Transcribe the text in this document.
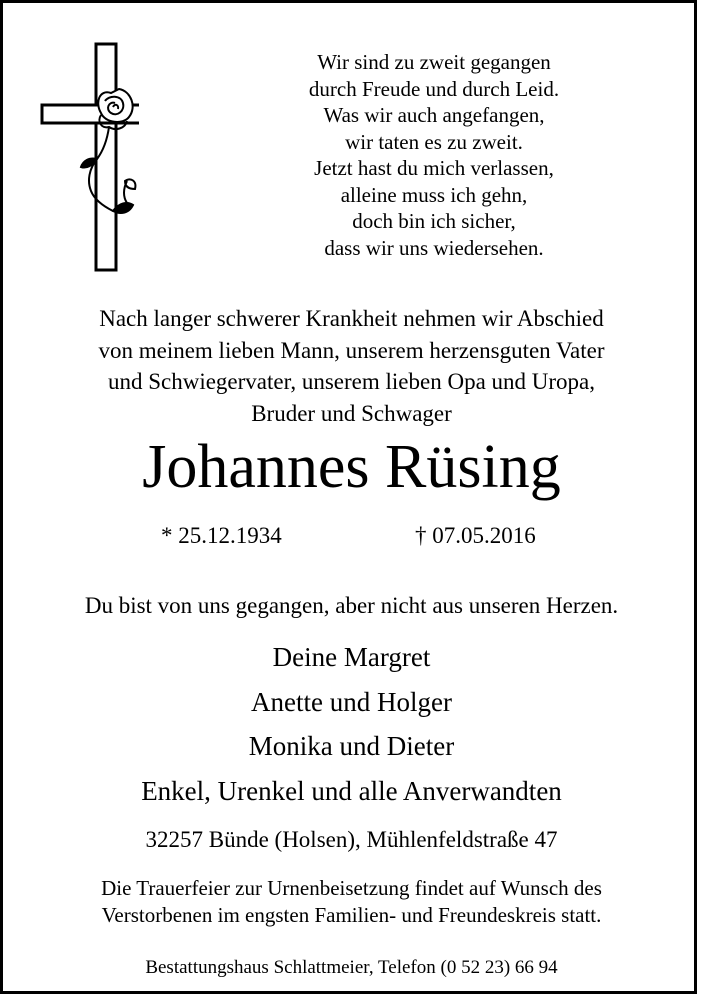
Wir sind zu zweit gegangen
durch Freude und durch Leid.
Was wir auch angefangen,
wir taten es zu zweit.
Jetzt hast du mich verlassen,
alleine muss ich gehn,
doch bin ich sicher,
dass wir uns wiedersehen.
Nach langer schwerer Krankheit nehmen wir Abschied
von meinem lieben Mann, unserem herzensguten Vater
und Schwiegervater, unserem lieben Opa und Uropa,
Bruder und Schwager
Johannes Rüsing
* 25.12.1934	† 07.05.2016
Du bist von uns gegangen, aber nicht aus unseren Herzen.
Deine Margret
Anette und Holger
Monika und Dieter
Enkel, Urenkel und alle Anverwandten
32257 Bünde (Holsen), Mühlenfeldstraße 47
Die Trauerfeier zur Urnenbeisetzung findet auf Wunsch des
Verstorbenen im engsten Familien- und Freundeskreis statt.
Bestattungshaus Schlattmeier, Telefon (0 52 23) 66 94
